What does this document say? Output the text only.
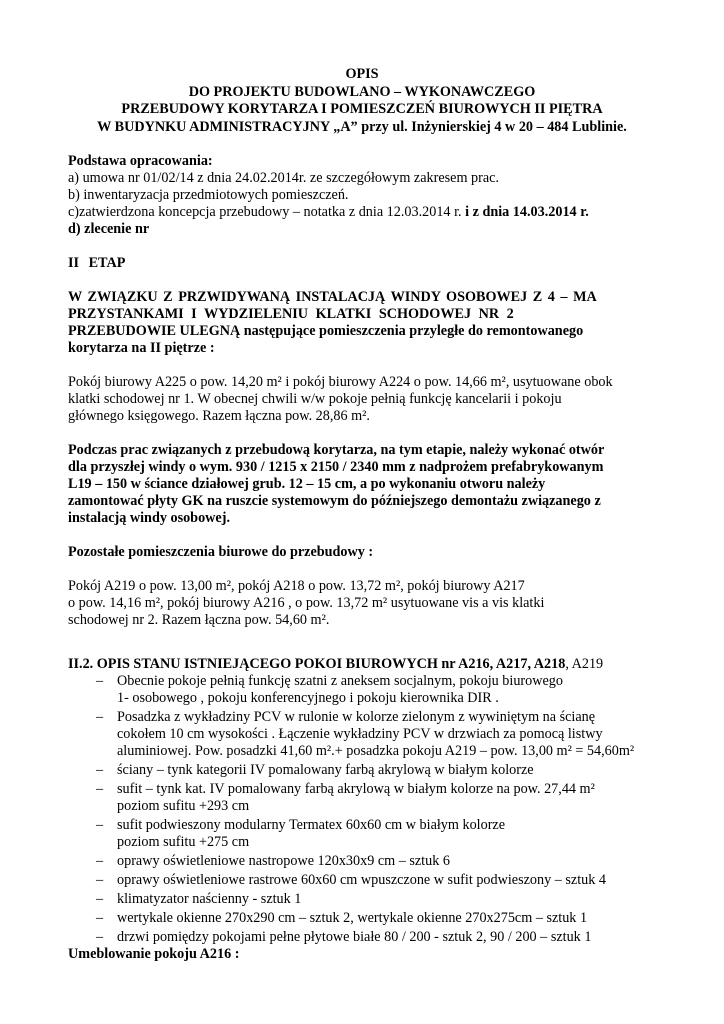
OPIS
DO PROJEKTU BUDOWLANO – WYKONAWCZEGO
PRZEBUDOWY KORYTARZA I POMIESZCZEŃ BIUROWYCH II PIĘTRA
W BUDYNKU ADMINISTRACYJNY „A” przy ul. Inżynierskiej 4 w 20 – 484 Lublinie.
Podstawa opracowania:
a) umowa nr 01/02/14 z dnia 24.02.2014r. ze szczegółowym zakresem prac.
b) inwentaryzacja przedmiotowych pomieszczeń.
c)zatwierdzona koncepcja przebudowy – notatka z dnia 12.03.2014 r. i z dnia 14.03.2014 r.
d) zlecenie nr
II ETAP
W ZWIĄZKU Z PRZWIDYWANĄ INSTALACJĄ WINDY OSOBOWEJ Z 4 – MA
PRZYSTANKAMI I WYDZIELENIU KLATKI SCHODOWEJ NR 2
PRZEBUDOWIE ULEGNĄ następujące pomieszczenia przyległe do remontowanego
korytarza na II piętrze :
Pokój biurowy A225 o pow. 14,20 m² i pokój biurowy A224 o pow. 14,66 m², usytuowane obok
klatki schodowej nr 1. W obecnej chwili w/w pokoje pełnią funkcję kancelarii i pokoju
głównego księgowego. Razem łączna pow. 28,86 m².
Podczas prac związanych z przebudową korytarza, na tym etapie, należy wykonać otwór
dla przyszłej windy o wym. 930 / 1215 x 2150 / 2340 mm z nadprożem prefabrykowanym
L19 – 150 w ściance działowej grub. 12 – 15 cm, a po wykonaniu otworu należy
zamontować płyty GK na ruszcie systemowym do późniejszego demontażu związanego z
instalacją windy osobowej.
Pozostałe pomieszczenia biurowe do przebudowy :
Pokój A219 o pow. 13,00 m², pokój A218 o pow. 13,72 m², pokój biurowy A217
o pow. 14,16 m², pokój biurowy A216 , o pow. 13,72 m² usytuowane vis a vis klatki
schodowej nr 2. Razem łączna pow. 54,60 m².
II.2. OPIS STANU ISTNIEJĄCEGO POKOI BIUROWYCH nr A216, A217, A218, A219
– Obecnie pokoje pełnią funkcję szatni z aneksem socjalnym, pokoju biurowego
1- osobowego , pokoju konferencyjnego i pokoju kierownika DIR .
– Posadzka z wykładziny PCV w rulonie w kolorze zielonym z wywiniętym na ścianę
cokołem 10 cm wysokości . Łączenie wykładziny PCV w drzwiach za pomocą listwy
aluminiowej. Pow. posadzki 41,60 m².+ posadzka pokoju A219 – pow. 13,00 m² = 54,60m²
– ściany – tynk kategorii IV pomalowany farbą akrylową w białym kolorze
– sufit – tynk kat. IV pomalowany farbą akrylową w białym kolorze na pow. 27,44 m²
poziom sufitu +293 cm
– sufit podwieszony modularny Termatex 60x60 cm w białym kolorze
poziom sufitu +275 cm
– oprawy oświetleniowe nastropowe 120x30x9 cm – sztuk 6
– oprawy oświetleniowe rastrowe 60x60 cm wpuszczone w sufit podwieszony – sztuk 4
– klimatyzator naścienny - sztuk 1
– wertykale okienne 270x290 cm – sztuk 2, wertykale okienne 270x275cm – sztuk 1
– drzwi pomiędzy pokojami pełne płytowe białe 80 / 200 - sztuk 2, 90 / 200 – sztuk 1
Umeblowanie pokoju A216 :
